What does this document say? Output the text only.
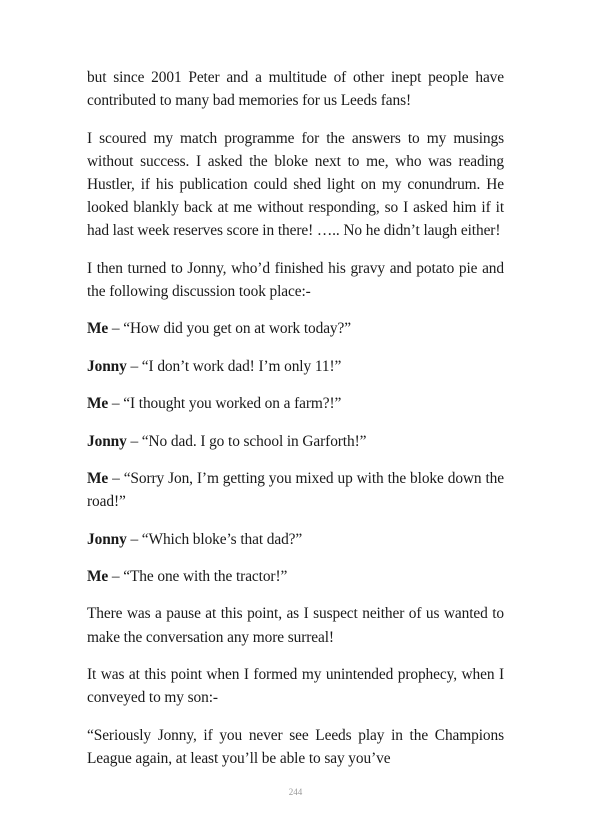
but since 2001 Peter and a multitude of other inept people have contributed to many bad memories for us Leeds fans!

I scoured my match programme for the answers to my musings without success. I asked the bloke next to me, who was reading Hustler, if his publication could shed light on my conundrum. He looked blankly back at me without responding, so I asked him if it had last week reserves score in there! ….. No he didn’t laugh either!

I then turned to Jonny, who’d finished his gravy and potato pie and the following discussion took place:-

Me – “How did you get on at work today?”

Jonny – “I don’t work dad! I’m only 11!”

Me – “I thought you worked on a farm?!”

Jonny – “No dad. I go to school in Garforth!”

Me – “Sorry Jon, I’m getting you mixed up with the bloke down the road!”

Jonny – “Which bloke’s that dad?”

Me – “The one with the tractor!”

There was a pause at this point, as I suspect neither of us wanted to make the conversation any more surreal!

It was at this point when I formed my unintended prophecy, when I conveyed to my son:-

“Seriously Jonny, if you never see Leeds play in the Champions League again, at least you’ll be able to say you’ve

244
